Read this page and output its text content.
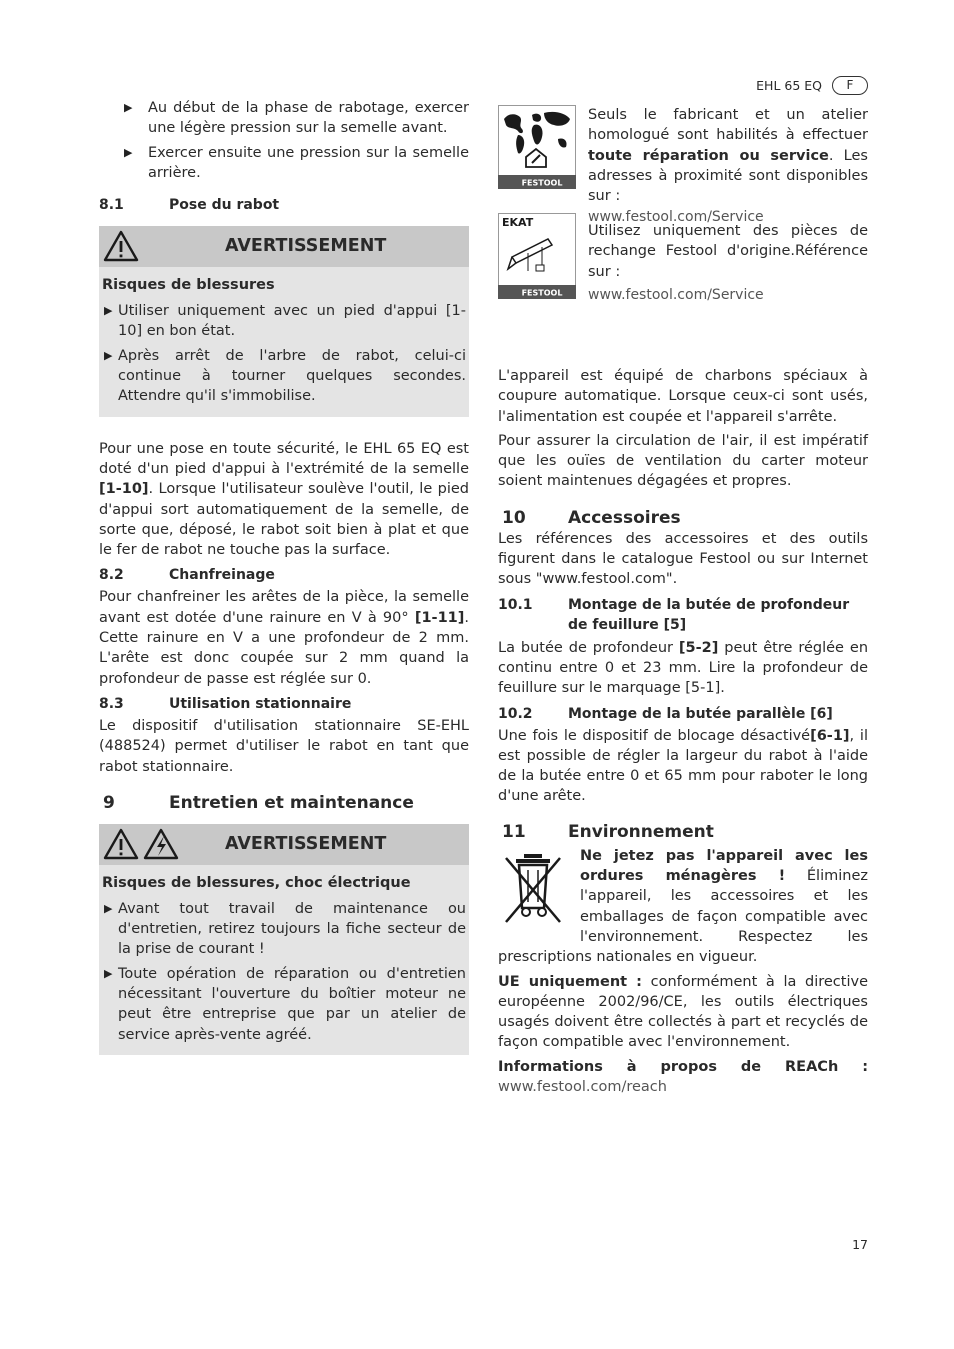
EHL 65 EQ	F
▶ Au début de la phase de rabotage, exercer une légère pression sur la semelle avant.
▶ Exercer ensuite une pression sur la semelle arrière.
8.1	Pose du rabot
AVERTISSEMENT
Risques de blessures
▶ Utiliser uniquement avec un pied d'appui [1-10] en bon état.
▶ Après arrêt de l'arbre de rabot, celui-ci continue à tourner quelques secondes. Attendre qu'il s'immobilise.

Pour une pose en toute sécurité, le EHL 65 EQ est doté d'un pied d'appui à l'extrémité de la semelle [1-10]. Lorsque l'utilisateur soulève l'outil, le pied d'appui sort automatiquement de la semelle, de sorte que, déposé, le rabot soit bien à plat et que le fer de rabot ne touche pas la surface.

8.2	Chanfreinage

Pour chanfreiner les arêtes de la pièce, la semelle avant est dotée d'une rainure en V à 90° [1-11]. Cette rainure en V a une profondeur de 2 mm. L'arête est donc coupée sur 2 mm quand la profondeur de passe est réglée sur 0.

8.3	Utilisation stationnaire

Le dispositif d'utilisation stationnaire SE-EHL (488524) permet d'utiliser le rabot en tant que rabot stationnaire.

9	Entretien et maintenance
AVERTISSEMENT
Risques de blessures, choc électrique
▶ Avant tout travail de maintenance ou d'entretien, retirez toujours la fiche secteur de la prise de courant !
▶ Toute opération de réparation ou d'entretien nécessitant l'ouverture du boîtier moteur ne peut être entreprise que par un atelier de service après-vente agréé.
FESTOOL

Seuls le fabricant et un atelier homologué sont habilités à effectuer toute réparation ou service. Les adresses à proximité sont disponibles sur :

www.festool.com/Service
EKAT
FESTOOL

Utilisez uniquement des pièces de rechange Festool d'origine.Référence sur :

www.festool.com/Service

L'appareil est équipé de charbons spéciaux à coupure automatique. Lorsque ceux-ci sont usés, l'alimentation est coupée et l'appareil s'arrête.

Pour assurer la circulation de l'air, il est impératif que les ouïes de ventilation du carter moteur soient maintenues dégagées et propres.

10	Accessoires

Les références des accessoires et des outils figurent dans le catalogue Festool ou sur Internet sous "www.festool.com".

10.1	Montage de la butée de profondeur de feuillure [5]

La butée de profondeur [5-2] peut être réglée en continu entre 0 et 23 mm. Lire la profondeur de feuillure sur le marquage [5-1].

10.2	Montage de la butée parallèle [6]

Une fois le dispositif de blocage désactivé[6-1], il est possible de régler la largeur du rabot à l'aide de la butée entre 0 et 65 mm pour raboter le long d'une arête.

11	Environnement

Ne jetez pas l'appareil avec les ordures ménagères ! Éliminez l'appareil, les accessoires et les emballages de façon compatible avec l'environnement. Respectez les prescriptions nationales en vigueur.

UE uniquement : conformément à la directive européenne 2002/96/CE, les outils électriques usagés doivent être collectés à part et recyclés de façon compatible avec l'environnement.

Informations à propos de REACh : www.festool.com/reach

17
